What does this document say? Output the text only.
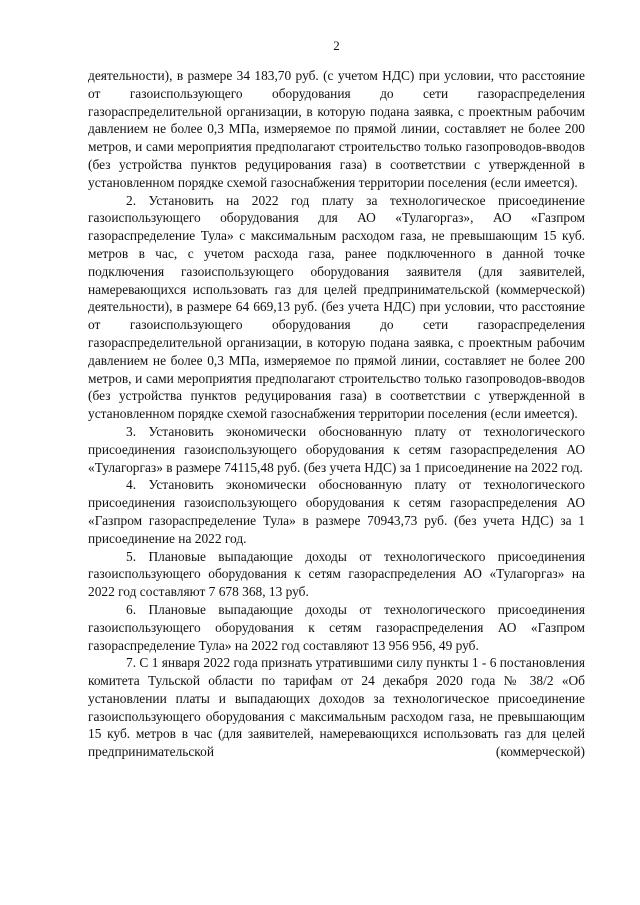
2

деятельности), в размере 34 183,70 руб. (с учетом НДС) при условии, что расстояние от газоиспользующего оборудования до сети газораспределения газораспределительной организации, в которую подана заявка, с проектным рабочим давлением не более 0,3 МПа, измеряемое по прямой линии, составляет не более 200 метров, и сами мероприятия предполагают строительство только газопроводов-вводов (без устройства пунктов редуцирования газа) в соответствии с утвержденной в установленном порядке схемой газоснабжения территории поселения (если имеется).

2. Установить на 2022 год плату за технологическое присоединение газоиспользующего оборудования для АО «Тулагоргаз», АО «Газпром газораспределение Тула» с максимальным расходом газа, не превышающим 15 куб. метров в час, с учетом расхода газа, ранее подключенного в данной точке подключения газоиспользующего оборудования заявителя (для заявителей, намеревающихся использовать газ для целей предпринимательской (коммерческой) деятельности), в размере 64 669,13 руб. (без учета НДС) при условии, что расстояние от газоиспользующего оборудования до сети газораспределения газораспределительной организации, в которую подана заявка, с проектным рабочим давлением не более 0,3 МПа, измеряемое по прямой линии, составляет не более 200 метров, и сами мероприятия предполагают строительство только газопроводов-вводов (без устройства пунктов редуцирования газа) в соответствии с утвержденной в установленном порядке схемой газоснабжения территории поселения (если имеется).

3. Установить экономически обоснованную плату от технологического присоединения газоиспользующего оборудования к сетям газораспределения АО «Тулагоргаз» в размере 74115,48 руб. (без учета НДС) за 1 присоединение на 2022 год.

4. Установить экономически обоснованную плату от технологического присоединения газоиспользующего оборудования к сетям газораспределения АО «Газпром газораспределение Тула» в размере 70943,73 руб. (без учета НДС) за 1 присоединение на 2022 год.

5. Плановые выпадающие доходы от технологического присоединения газоиспользующего оборудования к сетям газораспределения АО «Тулагоргаз» на 2022 год составляют 7 678 368, 13 руб.

6. Плановые выпадающие доходы от технологического присоединения газоиспользующего оборудования к сетям газораспределения АО «Газпром газораспределение Тула» на 2022 год составляют 13 956 956, 49 руб.

7. С 1 января 2022 года признать утратившими силу пункты 1 - 6 постановления комитета Тульской области по тарифам от 24 декабря 2020 года № 38/2 «Об установлении платы и выпадающих доходов за технологическое присоединение газоиспользующего оборудования с максимальным расходом газа, не превышающим 15 куб. метров в час (для заявителей, намеревающихся использовать газ для целей предпринимательской (коммерческой)
